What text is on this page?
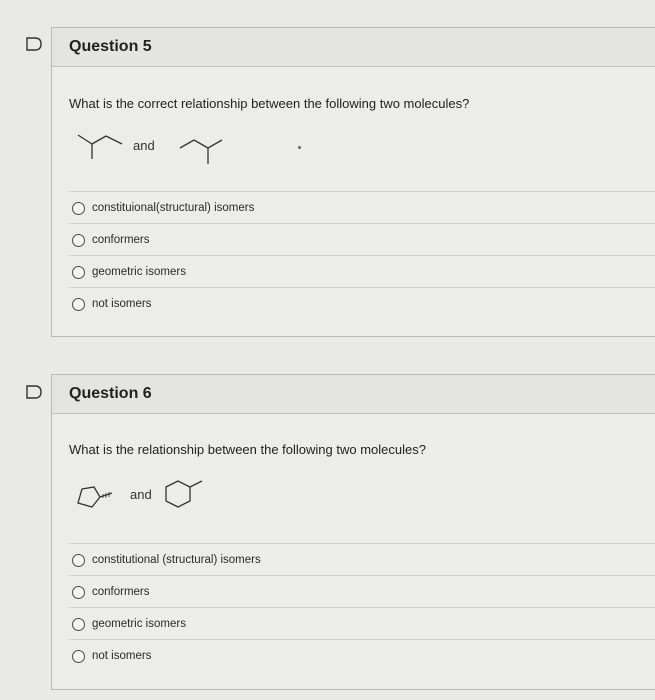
Question 5
What is the correct relationship between the following two molecules?
and
constituional(structural) isomers
conformers
geometric isomers
not isomers
Question 6
What is the relationship between the following two molecules?
and
constitutional (structural) isomers
conformers
geometric isomers
not isomers
